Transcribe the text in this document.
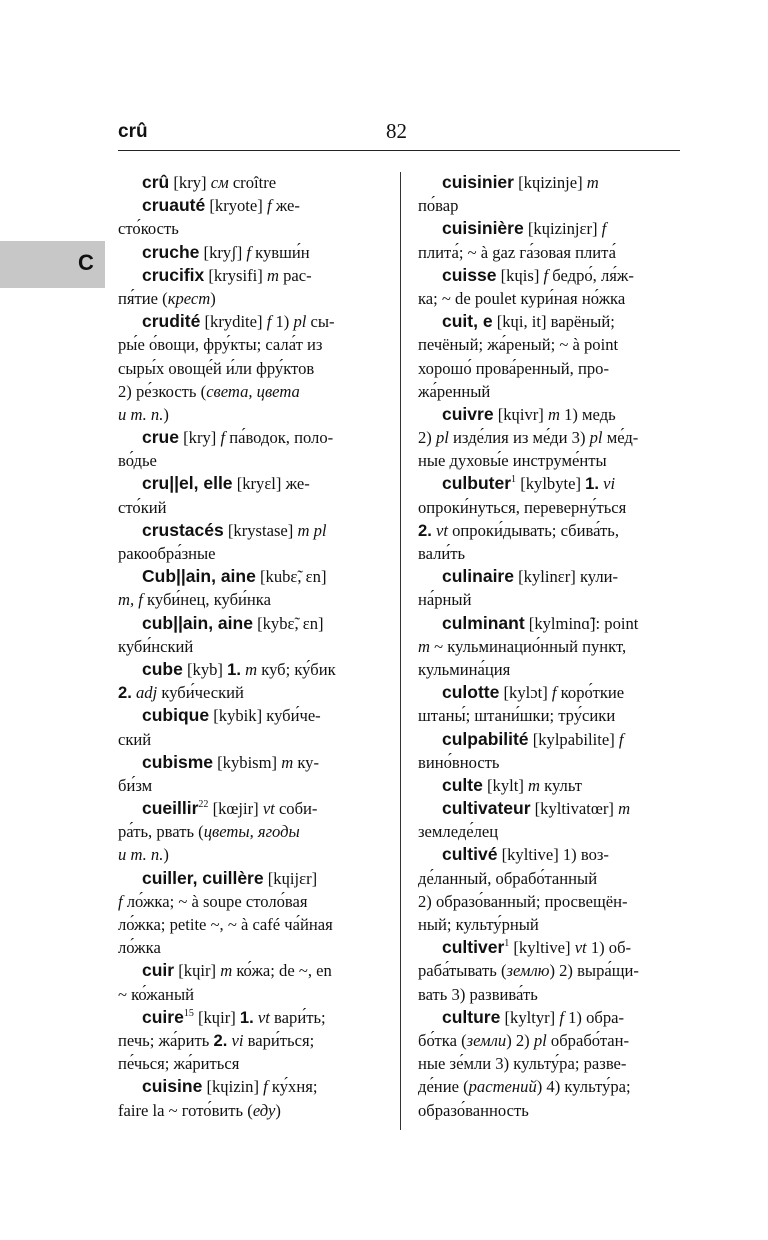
crû	82
C
crû [kry] см croître
cruauté [kryote] f же-
сто́кость
cruche [kryʃ] f кувши́н
crucifix [krysifi] m рас-
пя́тие (крест)
crudité [krydite] f 1) pl сы-
ры́е о́вощи, фру́кты; сала́т из
сыры́х овоще́й и́ли фру́ктов
2) ре́зкость (света, цвета
и т. п.)
crue [kry] f па́водок, поло-
во́дье
cru||el, elle [kryɛl] же-
сто́кий
crustacés [krystase] m pl
ракообра́зные
Cub||ain, aine [kubɛ̃, ɛn]
m, f куби́нец, куби́нка
cub||ain, aine [kybɛ̃, ɛn]
куби́нский
cube [kyb] 1. m куб; ку́бик
2. adj куби́ческий
cubique [kybik] куби́че-
ский
cubisme [kybism] m ку-
би́зм
cueillir$^{22}$ [kœjir] vt соби-
ра́ть, рвать (цветы, ягоды
и т. п.)
cuiller, cuillère [kɥijɛr]
f ло́жка; ~ à soupe столо́вая
ло́жка; petite ~, ~ à café ча́йная
ло́жка
cuir [kɥir] m ко́жа; de ~, en
~ ко́жаный
cuire$^{15}$ [kɥir] 1. vt вари́ть;
печь; жа́рить 2. vi вари́ться;
пе́чься; жа́риться
cuisine [kɥizin] f ку́хня;
faire la ~ гото́вить (еду)
cuisinier [kɥizinje] m
по́вар
cuisinière [kɥizinjɛr] f
плита́; ~ à gaz га́зовая плита́
cuisse [kɥis] f бедро́, ля́ж-
ка; ~ de poulet кури́ная но́жка
cuit, e [kɥi, it] варёный;
печёный; жа́реный; ~ à point
хорошо́ прова́ренный, про-
жа́ренный
cuivre [kɥivr] m 1) медь
2) pl изде́лия из ме́ди 3) pl ме́д-
ные духовы́е инструме́нты
culbuter$^1$ [kylbyte] 1. vi
опроки́нуться, переверну́ться
2. vt опроки́дывать; сбива́ть,
вали́ть
culinaire [kylinɛr] кули-
на́рный
culminant [kylminɑ̃]: point
m ~ кульминацио́нный пункт,
кульмина́ция
culotte [kylɔt] f коро́ткие
штаны́; штани́шки; тру́сики
culpabilité [kylpabilite] f
вино́вность
culte [kylt] m культ
cultivateur [kyltivatœr] m
земледе́лец
cultivé [kyltive] 1) воз-
де́ланный, обрабо́танный
2) образо́ванный; просвещён-
ный; культу́рный
cultiver$^1$ [kyltive] vt 1) об-
раба́тывать (землю) 2) выра́щи-
вать 3) развива́ть
culture [kyltyr] f 1) обра-
бо́тка (земли) 2) pl обрабо́тан-
ные зе́мли 3) культу́ра; разве-
де́ние (растений) 4) культу́ра;
образо́ванность
